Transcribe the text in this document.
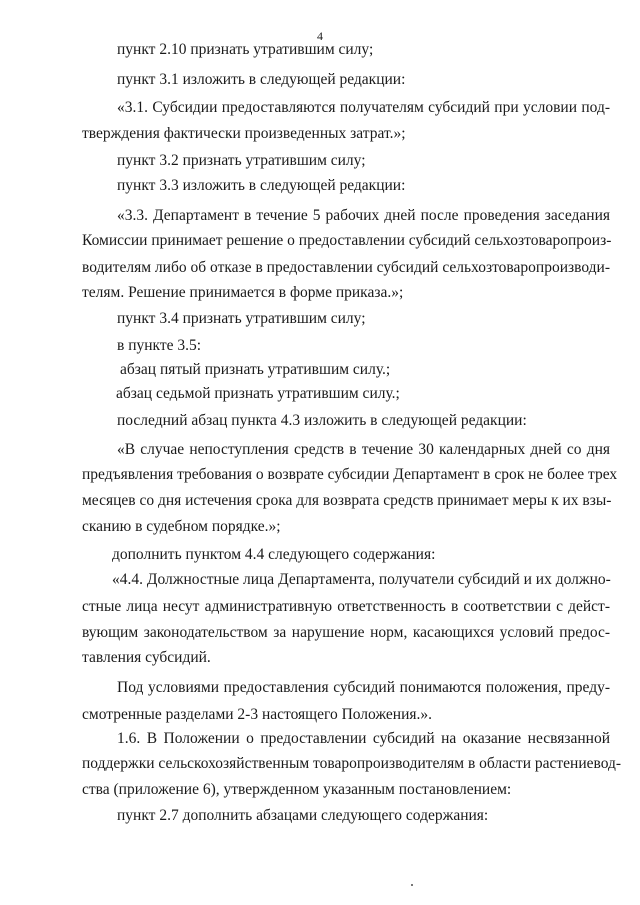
4
пункт 2.10 признать утратившим силу;
пункт 3.1 изложить в следующей редакции:
«3.1. Субсидии предоставляются получателям субсидий при условии под-
тверждения фактически произведенных затрат.»;
пункт 3.2 признать утратившим силу;
пункт 3.3 изложить в следующей редакции:
«3.3. Департамент в течение 5 рабочих дней после проведения заседания
Комиссии принимает решение о предоставлении субсидий сельхозтоваропроиз-
водителям либо об отказе в предоставлении субсидий сельхозтоваропроизводи-
телям. Решение принимается в форме приказа.»;
пункт 3.4 признать утратившим силу;
в пункте 3.5:
абзац пятый признать утратившим силу.;
абзац седьмой признать утратившим силу.;
последний абзац пункта 4.3 изложить в следующей редакции:
«В случае непоступления средств в течение 30 календарных дней со дня
предъявления требования о возврате субсидии Департамент в срок не более трех
месяцев со дня истечения срока для возврата средств принимает меры к их взы-
сканию в судебном порядке.»;
дополнить пунктом 4.4 следующего содержания:
«4.4. Должностные лица Департамента, получатели субсидий и их должно-
стные лица несут административную ответственность в соответствии с дейст-
вующим законодательством за нарушение норм, касающихся условий предос-
тавления субсидий.
Под условиями предоставления субсидий понимаются положения, преду-
смотренные разделами 2-3 настоящего Положения.».
1.6. В Положении о предоставлении субсидий на оказание несвязанной
поддержки сельскохозяйственным товаропроизводителям в области растениевод-
ства (приложение 6), утвержденном указанным постановлением:
пункт 2.7 дополнить абзацами следующего содержания:
